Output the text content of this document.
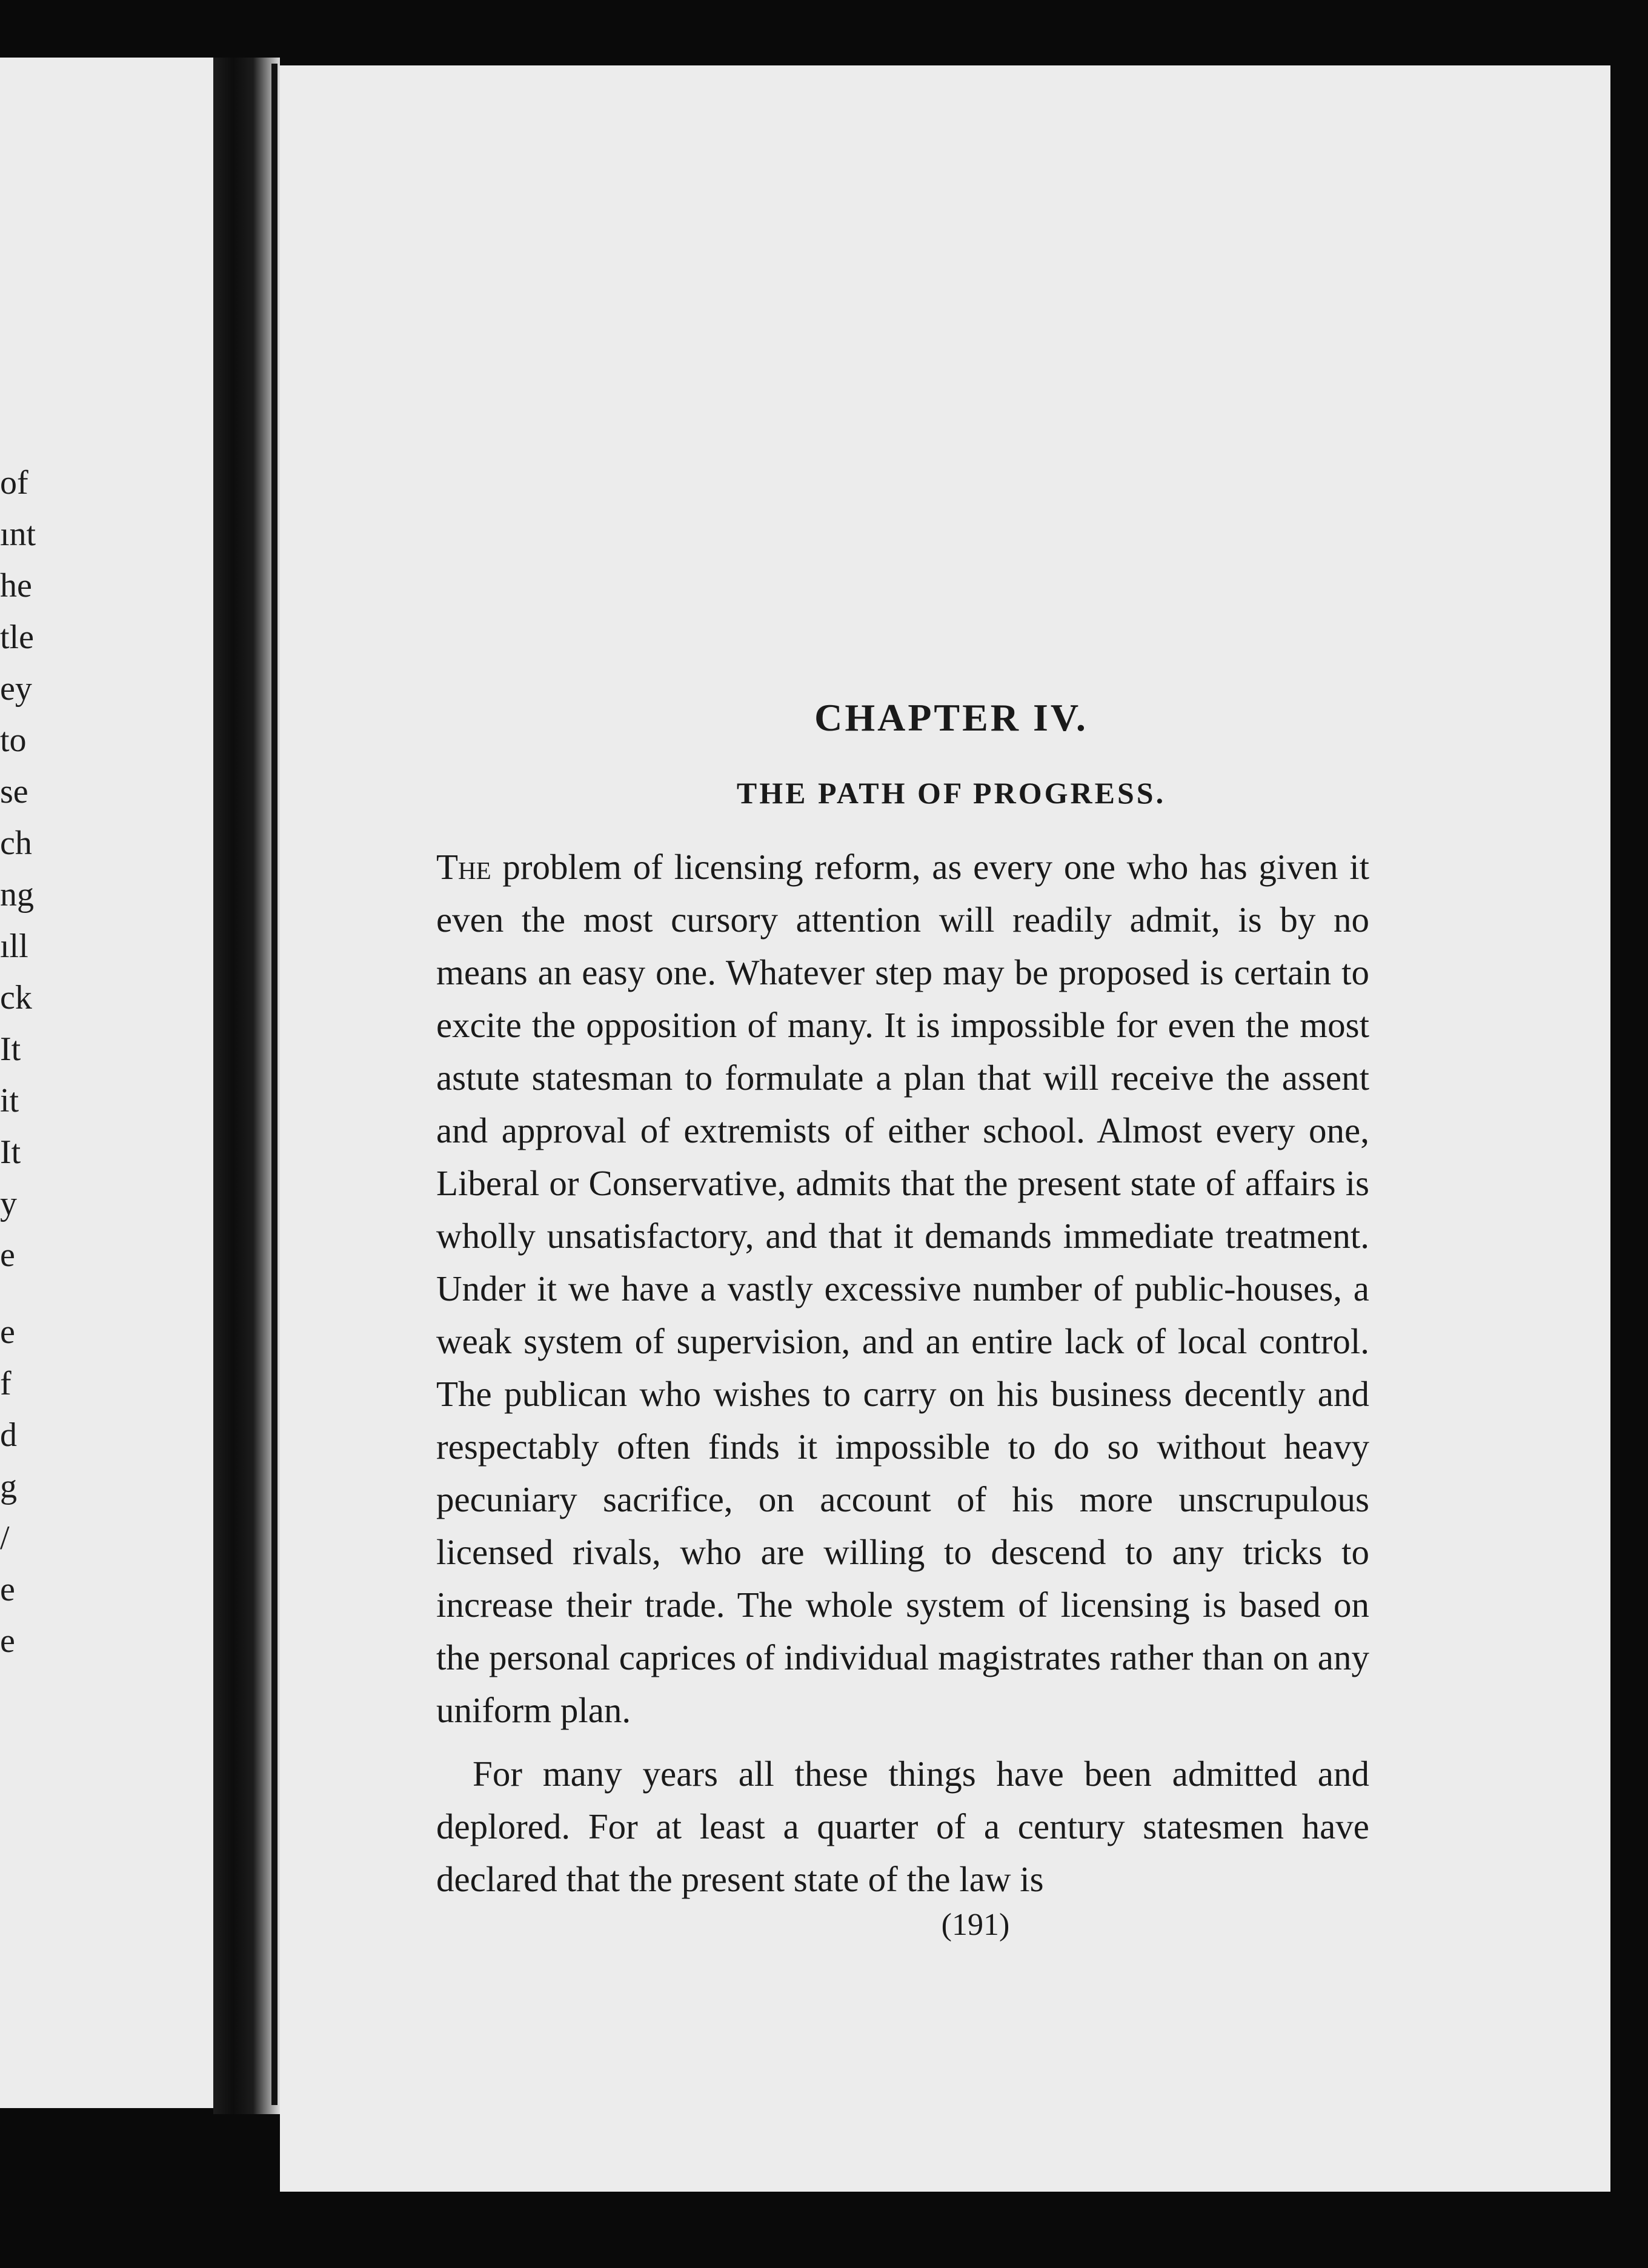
of
ınt
he
tle
ey
to
se
ch
ng
ıll
ck
It
it
It
y
e
e
f
d
g
/
e
e
CHAPTER IV.
THE PATH OF PROGRESS.

The problem of licensing reform, as every one who has given it even the most cursory attention will readily admit, is by no means an easy one. Whatever step may be proposed is certain to excite the opposition of many. It is impossible for even the most astute statesman to formulate a plan that will receive the assent and approval of extremists of either school. Almost every one, Liberal or Conservative, admits that the present state of affairs is wholly unsatisfactory, and that it demands immediate treatment. Under it we have a vastly excessive number of public-houses, a weak system of supervision, and an entire lack of local control. The publican who wishes to carry on his business decently and respectably often finds it impossible to do so without heavy pecuniary sacrifice, on account of his more unscrupulous licensed rivals, who are willing to descend to any tricks to increase their trade. The whole system of licensing is based on the personal caprices of individual magistrates rather than on any uniform plan.

For many years all these things have been admitted and deplored. For at least a quarter of a century statesmen have declared that the present state of the law is

(191)
